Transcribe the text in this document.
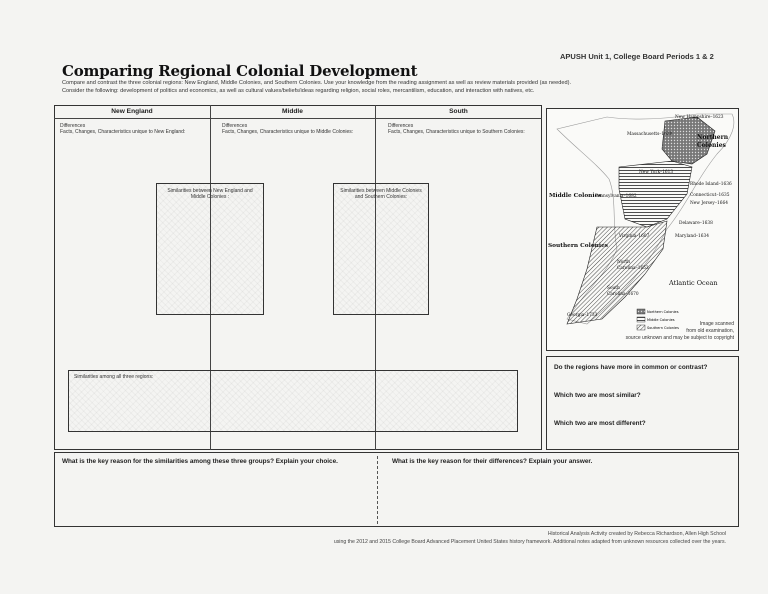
APUSH Unit 1, College Board Periods 1 & 2
Comparing Regional Colonial Development
Compare and contrast the three colonial regions: New England, Middle Colonies, and Southern Colonies. Use your knowledge from the reading assignment as well as review materials provided (as needed).
Consider the following: development of politics and economics, as well as cultural values/beliefs/ideas regarding religion, social roles, mercantilism, education, and interaction with natives, etc.
New England	Middle	South
Differences
Facts, Changes, Characteristics unique to New England:
Differences
Facts, Changes, Characteristics unique to Middle Colonies:
Differences
Facts, Changes, Characteristics unique to Southern Colonies:
Similarities between New England and Middle Colonies :
Similarities between Middle Colonies and Southern Colonies:
Similarities among all three regions:
New Hampshire–1623
Massachusetts–1620	Northern
Colonies
New York–1613
Rhode Island–1636
Connecticut–1635
New Jersey–1664
Middle Colonies
Pennsylvania–1682
Delaware–1638
Maryland–1634
Virginia–1607
Southern Colonies
North
Carolina–1653
South
Carolina–1670
Georgia–1733
Atlantic Ocean
Northern Colonies
Middle Colonies
Southern Colonies
Image scanned
from old examination,
source unknown and may be subject to copyright
Do the regions have more in common or contrast?
Which two are most similar?
Which two are most different?
What is the key reason for the similarities among these three groups? Explain your choice.	What is the key reason for their differences? Explain your answer.
Historical Analysis Activity created by Rebecca Richardson, Allen High School
using the 2012 and 2015 College Board Advanced Placement United States history framework. Additional notes adapted from unknown resources collected over the years.
